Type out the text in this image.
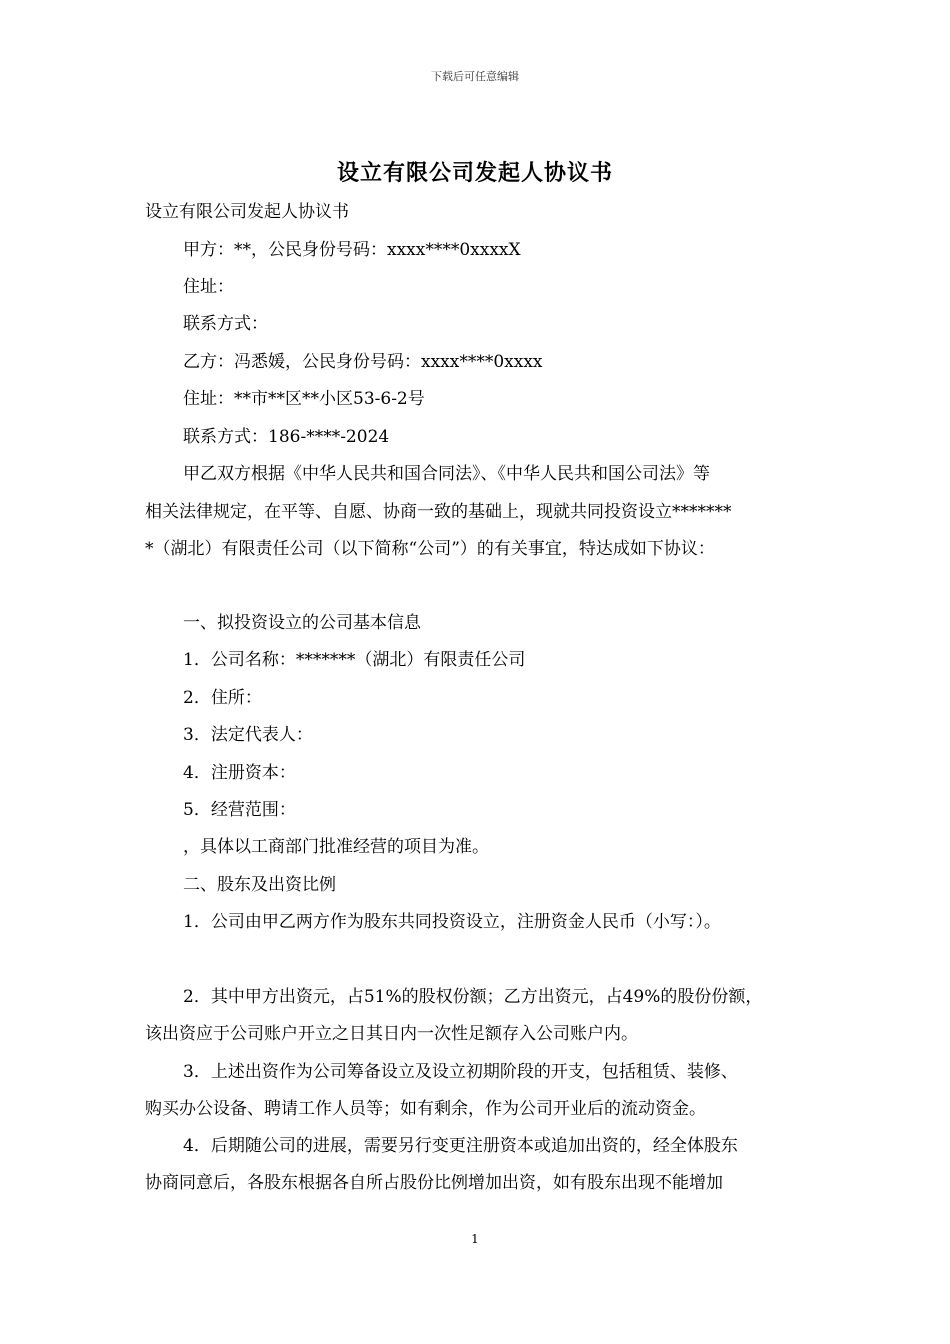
下载后可任意编辑
设立有限公司发起人协议书
设立有限公司发起人协议书
甲方：**，公民身份号码：xxxx****0xxxxX
住址：
联系方式：
乙方：冯悉媛，公民身份号码：xxxx****0xxxx
住址：**市**区**小区53-6-2号
联系方式：186-****-2024
甲乙双方根据《中华人民共和国合同法》、《中华人民共和国公司法》等
相关法律规定，在平等、自愿、协商一致的基础上，现就共同投资设立*******
*（湖北）有限责任公司（以下简称“公司”）的有关事宜，特达成如下协议：
一、拟投资设立的公司基本信息
1．公司名称：*******（湖北）有限责任公司
2．住所：
3．法定代表人：
4．注册资本：
5．经营范围：
，具体以工商部门批准经营的项目为准。
二、股东及出资比例
1．公司由甲乙两方作为股东共同投资设立，注册资金人民币（小写：）。
2．其中甲方出资元，占51%的股权份额；乙方出资元，占49%的股份份额，
该出资应于公司账户开立之日其日内一次性足额存入公司账户内。
3．上述出资作为公司筹备设立及设立初期阶段的开支，包括租赁、装修、
购买办公设备、聘请工作人员等；如有剩余，作为公司开业后的流动资金。
4．后期随公司的进展，需要另行变更注册资本或追加出资的，经全体股东
协商同意后，各股东根据各自所占股份比例增加出资，如有股东出现不能增加
1
